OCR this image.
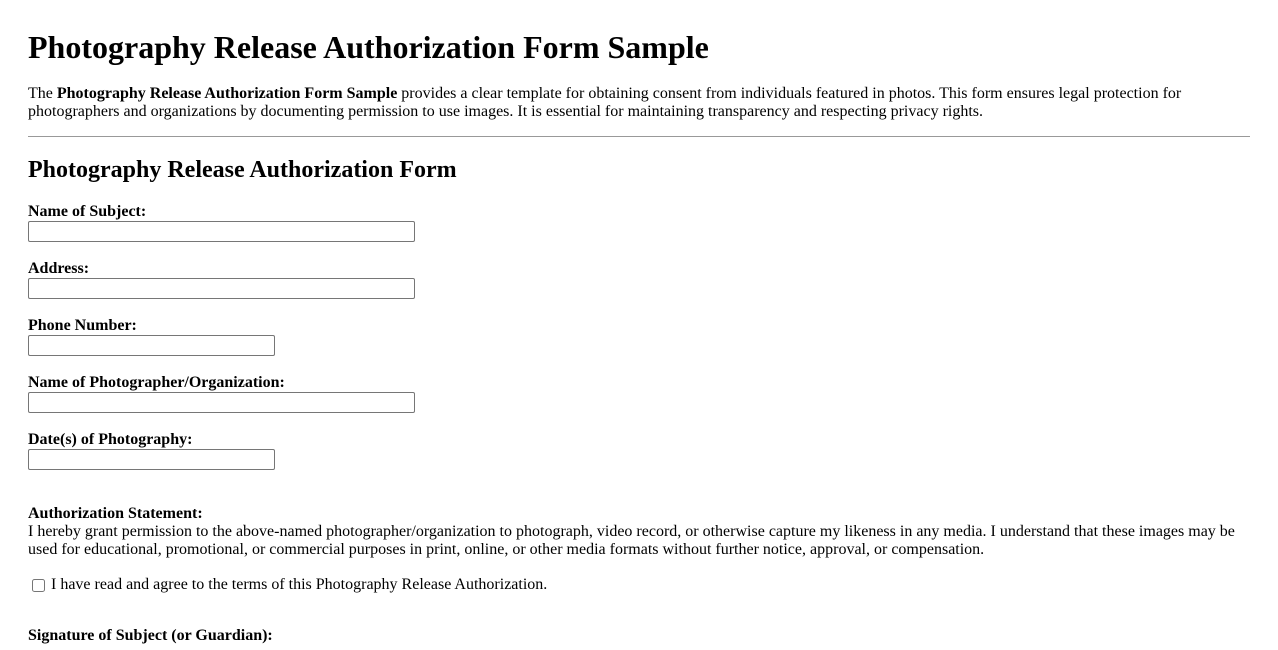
Photography Release Authorization Form Sample

The Photography Release Authorization Form Sample provides a clear template for obtaining consent from individuals featured in photos. This form ensures legal protection for photographers and organizations by documenting permission to use images. It is essential for maintaining transparency and respecting privacy rights.

Photography Release Authorization Form
Name of Subject:
Address:
Phone Number:
Name of Photographer/Organization:
Date(s) of Photography:
Authorization Statement:
I hereby grant permission to the above-named photographer/organization to photograph, video record, or otherwise capture my likeness in any media. I understand that these images may be used for educational, promotional, or commercial purposes in print, online, or other media formats without further notice, approval, or compensation.
I have read and agree to the terms of this Photography Release Authorization.
Signature of Subject (or Guardian):
